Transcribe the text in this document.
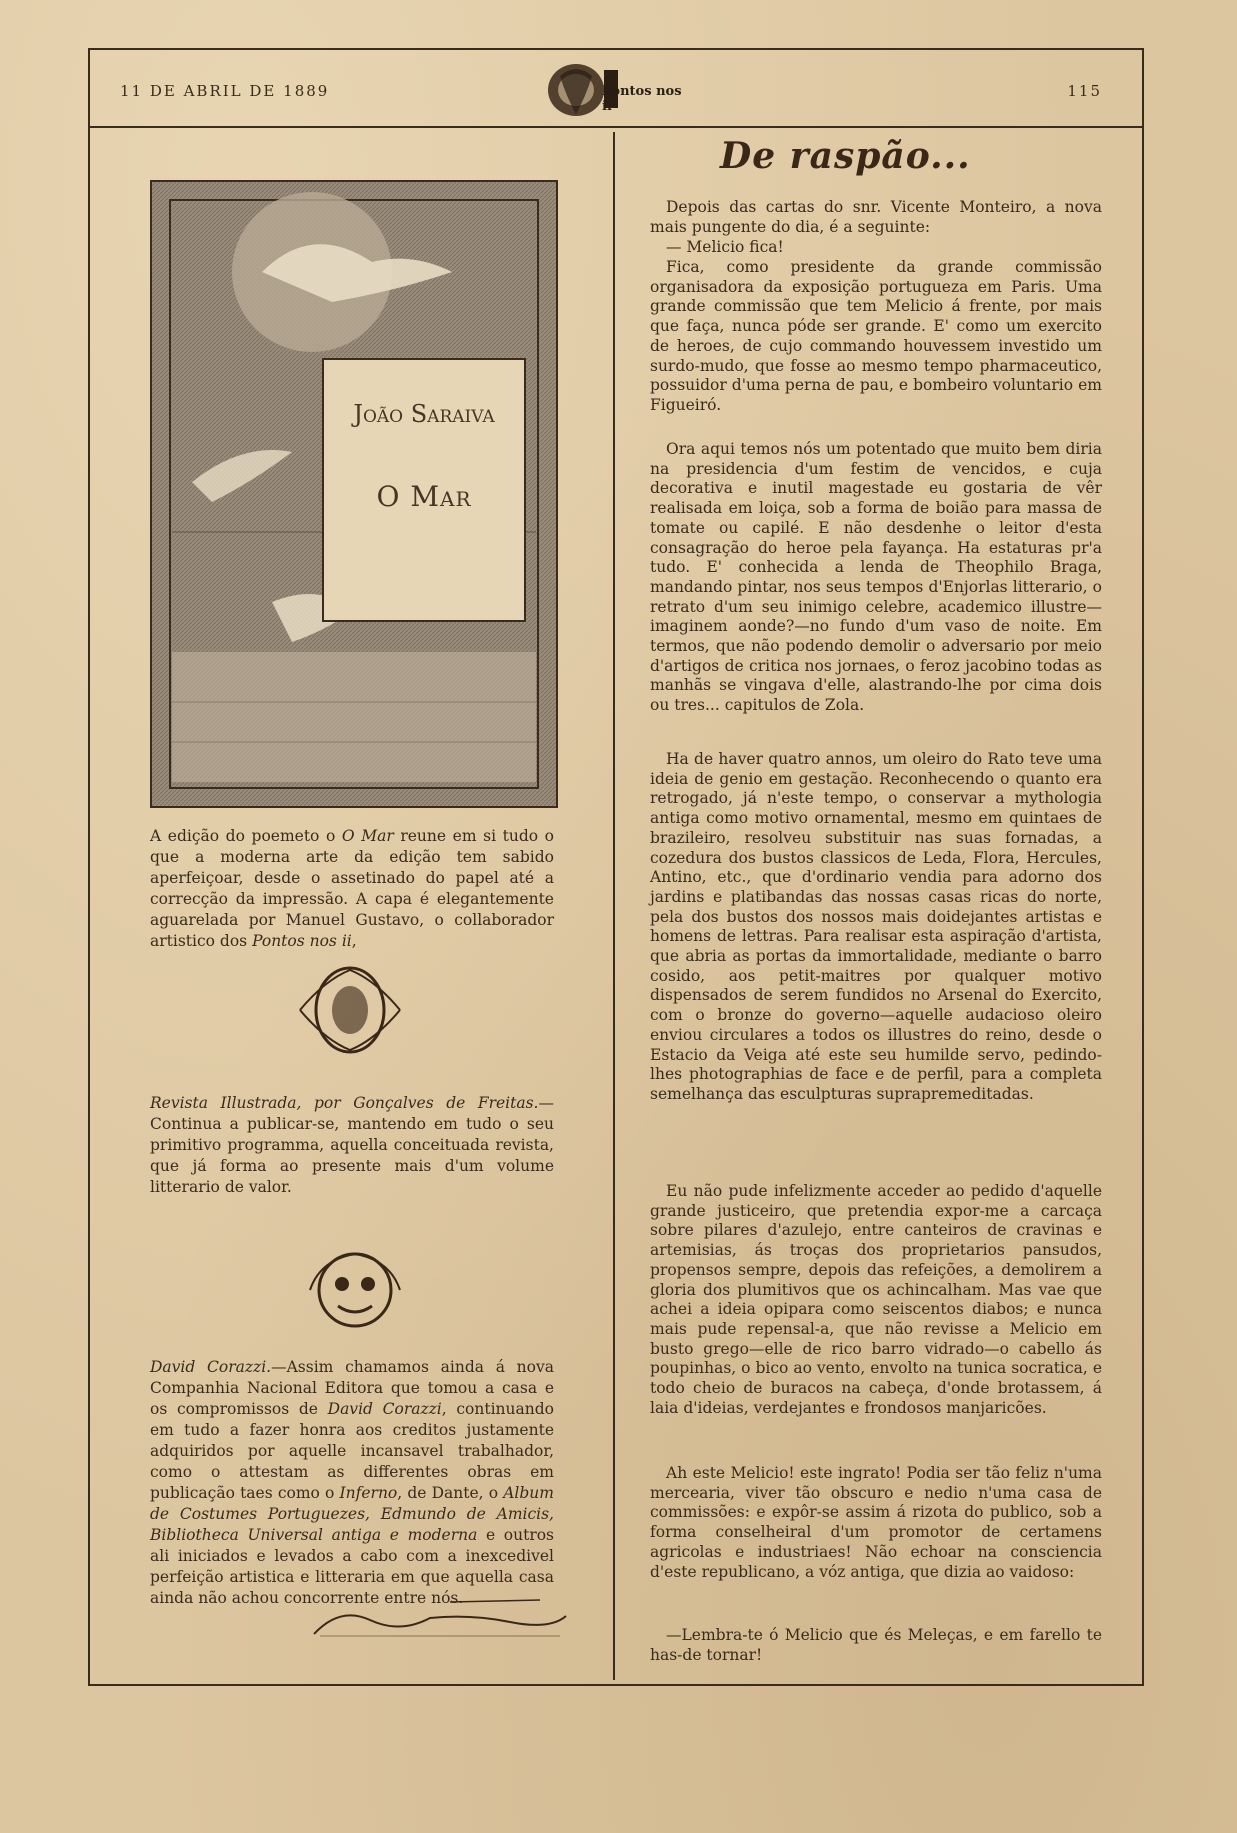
11 DE ABRIL DE 1889	Pontos nos ii
115
João Saraiva
O Mar
A edição do poemeto o O Mar reune em si tudo o que a moderna arte da edição tem sabido aperfeiçoar, desde o assetinado do papel até a correcção da impressão. A capa é elegantemente aguarelada por Manuel Gustavo, o collaborador artistico dos Pontos nos ii,
Revista Illustrada, por Gonçalves de Freitas.—Continua a publicar-se, mantendo em tudo o seu primitivo programma, aquella conceituada revista, que já forma ao presente mais d'um volume litterario de valor.
David Corazzi.—Assim chamamos ainda á nova Companhia Nacional Editora que tomou a casa e os compromissos de David Corazzi, continuando em tudo a fazer honra aos creditos justamente adquiridos por aquelle incansavel trabalhador, como o attestam as differentes obras em publicação taes como o Inferno, de Dante, o Album de Costumes Portuguezes, Edmundo de Amicis, Bibliotheca Universal antiga e moderna e outros ali iniciados e levados a cabo com a inexcedivel perfeição artistica e litteraria em que aquella casa ainda não achou concorrente entre nós.
De raspão...

Depois das cartas do snr. Vicente Monteiro, a nova mais pungente do dia, é a seguinte:

— Melicio fica!

Fica, como presidente da grande commissão organisadora da exposição portugueza em Paris. Uma grande commissão que tem Melicio á frente, por mais que faça, nunca póde ser grande. E' como um exercito de heroes, de cujo commando houvessem investido um surdo-mudo, que fosse ao mesmo tempo pharmaceutico, possuidor d'uma perna de pau, e bombeiro voluntario em Figueiró.

Ora aqui temos nós um potentado que muito bem diria na presidencia d'um festim de vencidos, e cuja decorativa e inutil magestade eu gostaria de vêr realisada em loiça, sob a forma de boião para massa de tomate ou capilé. E não desdenhe o leitor d'esta consagração do heroe pela fayança. Ha estaturas pr'a tudo. E' conhecida a lenda de Theophilo Braga, mandando pintar, nos seus tempos d'Enjorlas litterario, o retrato d'um seu inimigo celebre, academico illustre—imaginem aonde?—no fundo d'um vaso de noite. Em termos, que não podendo demolir o adversario por meio d'artigos de critica nos jornaes, o feroz jacobino todas as manhãs se vingava d'elle, alastrando-lhe por cima dois ou tres... capitulos de Zola.

Ha de haver quatro annos, um oleiro do Rato teve uma ideia de genio em gestação. Reconhecendo o quanto era retrogado, já n'este tempo, o conservar a mythologia antiga como motivo ornamental, mesmo em quintaes de brazileiro, resolveu substituir nas suas fornadas, a cozedura dos bustos classicos de Leda, Flora, Hercules, Antino, etc., que d'ordinario vendia para adorno dos jardins e platibandas das nossas casas ricas do norte, pela dos bustos dos nossos mais doidejantes artistas e homens de lettras. Para realisar esta aspiração d'artista, que abria as portas da immortalidade, mediante o barro cosido, aos petit-maitres por qualquer motivo dispensados de serem fundidos no Arsenal do Exercito, com o bronze do governo—aquelle audacioso oleiro enviou circulares a todos os illustres do reino, desde o Estacio da Veiga até este seu humilde servo, pedindo-lhes photographias de face e de perfil, para a completa semelhança das esculpturas suprapremeditadas.

Eu não pude infelizmente acceder ao pedido d'aquelle grande justiceiro, que pretendia expor-me a carcaça sobre pilares d'azulejo, entre canteiros de cravinas e artemisias, ás troças dos proprietarios pansudos, propensos sempre, depois das refeições, a demolirem a gloria dos plumitivos que os achincalham. Mas vae que achei a ideia opipara como seiscentos diabos; e nunca mais pude repensal-a, que não revisse a Melicio em busto grego—elle de rico barro vidrado—o cabello ás poupinhas, o bico ao vento, envolto na tunica socratica, e todo cheio de buracos na cabeça, d'onde brotassem, á laia d'ideias, verdejantes e frondosos manjaricões.

Ah este Melicio! este ingrato! Podia ser tão feliz n'uma mercearia, viver tão obscuro e nedio n'uma casa de commissões: e expôr-se assim á rizota do publico, sob a forma conselheiral d'um promotor de certamens agricolas e industriaes! Não echoar na consciencia d'este republicano, a vóz antiga, que dizia ao vaidoso:

—Lembra-te ó Melicio que és Meleças, e em farello te has-de tornar!
